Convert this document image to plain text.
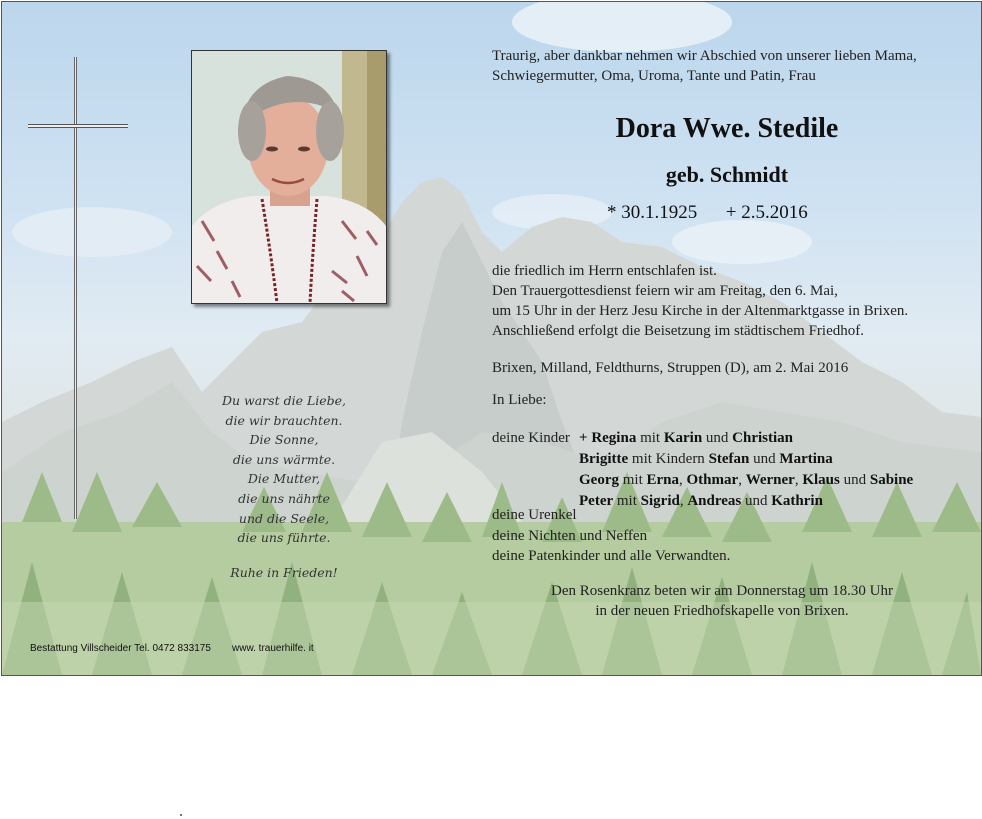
Traurig, aber dankbar nehmen wir Abschied von unserer lieben Mama, Schwiegermutter, Oma, Uroma, Tante und Patin, Frau

Dora Wwe. Stedile
geb. Schmidt
* 30.1.1925 + 2.5.2016
die friedlich im Herrn entschlafen ist.
Den Trauergottesdienst feiern wir am Freitag, den 6. Mai,
um 15 Uhr in der Herz Jesu Kirche in der Altenmarktgasse in Brixen.
Anschließend erfolgt die Beisetzung im städtischem Friedhof.
Brixen, Milland, Feldthurns, Struppen (D), am 2. Mai 2016
In Liebe:
deine Kinder + Regina mit Karin und Christian
Brigitte mit Kindern Stefan und Martina
Georg mit Erna, Othmar, Werner, Klaus und Sabine
Peter mit Sigrid, Andreas und Kathrin
deine Urenkel
deine Nichten und Neffen
deine Patenkinder und alle Verwandten.
Den Rosenkranz beten wir am Donnerstag um 18.30 Uhr
in der neuen Friedhofskapelle von Brixen.
Du warst die Liebe,
die wir brauchten.
Die Sonne,
die uns wärmte.
Die Mutter,
die uns nährte
und die Seele,
die uns führte.
Ruhe in Frieden!
Bestattung Villscheider Tel. 0472 833175 www. trauerhilfe. it
